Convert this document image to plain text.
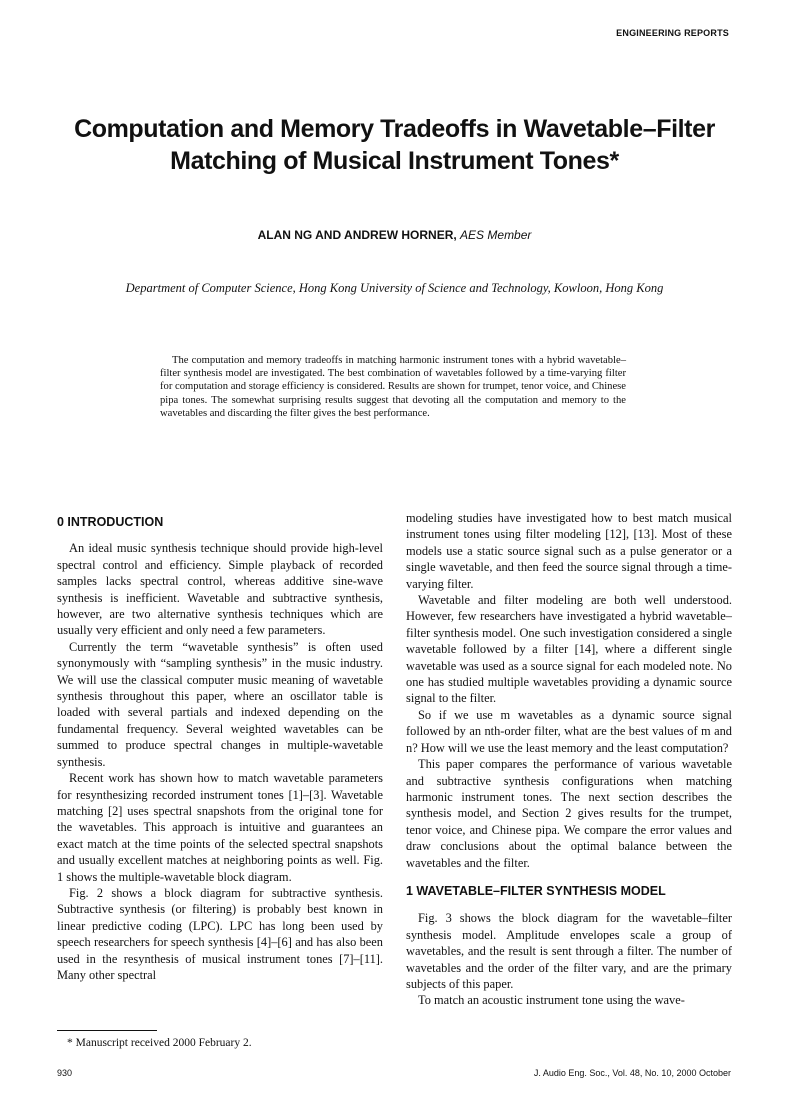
ENGINEERING REPORTS
Computation and Memory Tradeoffs in Wavetable–Filter
Matching of Musical Instrument Tones*
ALAN NG AND ANDREW HORNER, AES Member
Department of Computer Science, Hong Kong University of Science and Technology, Kowloon, Hong Kong
The computation and memory tradeoffs in matching harmonic instrument tones with a hybrid wavetable–filter synthesis model are investigated. The best combination of wavetables followed by a time-varying filter for computation and storage efficiency is considered. Results are shown for trumpet, tenor voice, and Chinese pipa tones. The somewhat surprising results suggest that devoting all the computation and memory to the wavetables and discarding the filter gives the best performance.
0 INTRODUCTION

An ideal music synthesis technique should provide high-level spectral control and efficiency. Simple playback of recorded samples lacks spectral control, whereas additive sine-wave synthesis is inefficient. Wavetable and subtractive synthesis, however, are two alternative synthesis techniques which are usually very efficient and only need a few parameters.

Currently the term “wavetable synthesis” is often used synonymously with “sampling synthesis” in the music industry. We will use the classical computer music meaning of wavetable synthesis throughout this paper, where an oscillator table is loaded with several partials and indexed depending on the fundamental frequency. Several weighted wavetables can be summed to produce spectral changes in multiple-wavetable synthesis.

Recent work has shown how to match wavetable parameters for resynthesizing recorded instrument tones [1]–[3]. Wavetable matching [2] uses spectral snapshots from the original tone for the wavetables. This approach is intuitive and guarantees an exact match at the time points of the selected spectral snapshots and usually excellent matches at neighboring points as well. Fig. 1 shows the multiple-wavetable block diagram.

Fig. 2 shows a block diagram for subtractive synthesis. Subtractive synthesis (or filtering) is probably best known in linear predictive coding (LPC). LPC has long been used by speech researchers for speech synthesis [4]–[6] and has also been used in the resynthesis of musical instrument tones [7]–[11]. Many other spectral

modeling studies have investigated how to best match musical instrument tones using filter modeling [12], [13]. Most of these models use a static source signal such as a pulse generator or a single wavetable, and then feed the source signal through a time-varying filter.

Wavetable and filter modeling are both well understood. However, few researchers have investigated a hybrid wavetable–filter synthesis model. One such investigation considered a single wavetable followed by a filter [14], where a different single wavetable was used as a source signal for each modeled note. No one has studied multiple wavetables providing a dynamic source signal to the filter.

So if we use m wavetables as a dynamic source signal followed by an nth-order filter, what are the best values of m and n? How will we use the least memory and the least computation?

This paper compares the performance of various wavetable and subtractive synthesis configurations when matching harmonic instrument tones. The next section describes the synthesis model, and Section 2 gives results for the trumpet, tenor voice, and Chinese pipa. We compare the error values and draw conclusions about the optimal balance between the wavetables and the filter.

1 WAVETABLE–FILTER SYNTHESIS MODEL

Fig. 3 shows the block diagram for the wavetable–filter synthesis model. Amplitude envelopes scale a group of wavetables, and the result is sent through a filter. The number of wavetables and the order of the filter vary, and are the primary subjects of this paper.

To match an acoustic instrument tone using the wave-

* Manuscript received 2000 February 2.
930	J. Audio Eng. Soc., Vol. 48, No. 10, 2000 October
